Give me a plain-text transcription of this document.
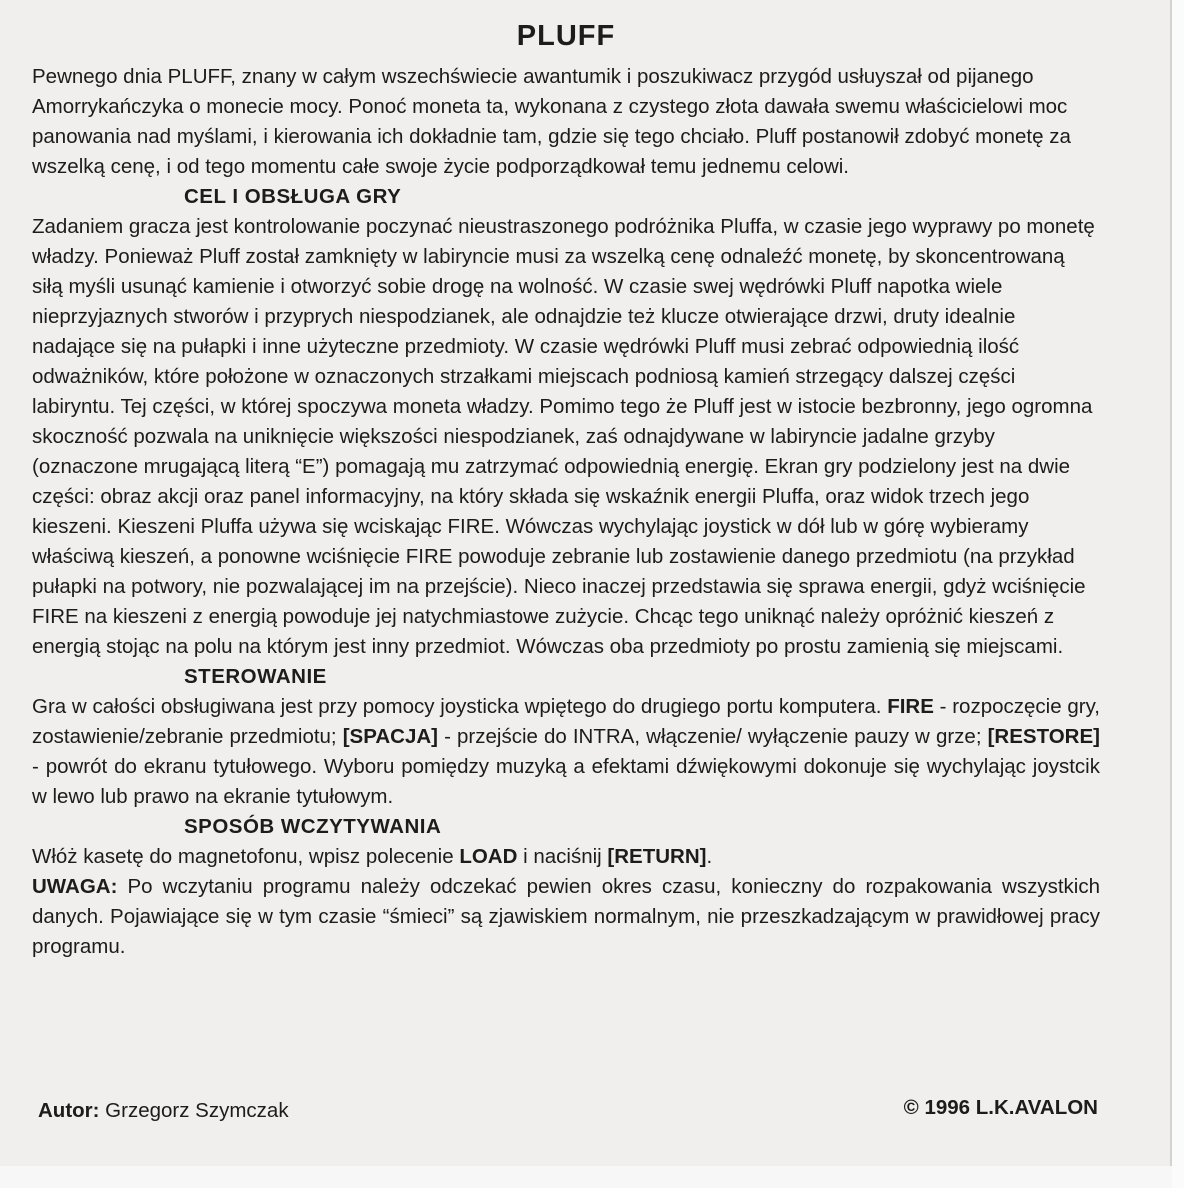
PLUFF

Pewnego dnia PLUFF, znany w całym wszechświecie awantumik i poszukiwacz przygód usłuyszał od pijanego Amorrykańczyka o monecie mocy. Ponoć moneta ta, wykonana z czystego złota dawała swemu właścicielowi moc panowania nad myślami, i kierowania ich dokładnie tam, gdzie się tego chciało. Pluff postanowił zdobyć monetę za wszelką cenę, i od tego momentu całe swoje życie podporządkował temu jednemu celowi.

CEL I OBSŁUGA GRY

Zadaniem gracza jest kontrolowanie poczynać nieustraszonego podróżnika Pluffa, w czasie jego wyprawy po monetę władzy. Ponieważ Pluff został zamknięty w labiryncie musi za wszelką cenę odnaleźć monetę, by skoncentrowaną siłą myśli usunąć kamienie i otworzyć sobie drogę na wolność. W czasie swej wędrówki Pluff napotka wiele nieprzyjaznych stworów i przyprych niespodzianek, ale odnajdzie też klucze otwierające drzwi, druty idealnie nadające się na pułapki i inne użyteczne przedmioty. W czasie wędrówki Pluff musi zebrać odpowiednią ilość odważników, które położone w oznaczonych strzałkami miejscach podniosą kamień strzegący dalszej części labiryntu. Tej części, w której spoczywa moneta władzy. Pomimo tego że Pluff jest w istocie bezbronny, jego ogromna skoczność pozwala na uniknięcie większości niespodzianek, zaś odnajdywane w labiryncie jadalne grzyby (oznaczone mrugającą literą “E”) pomagają mu zatrzymać odpowiednią energię. Ekran gry podzielony jest na dwie części: obraz akcji oraz panel informacyjny, na który składa się wskaźnik energii Pluffa, oraz widok trzech jego kieszeni. Kieszeni Pluffa używa się wciskając FIRE. Wówczas wychylając joystick w dół lub w górę wybieramy właściwą kieszeń, a ponowne wciśnięcie FIRE powoduje zebranie lub zostawienie danego przedmiotu (na przykład pułapki na potwory, nie pozwalającej im na przejście). Nieco inaczej przedstawia się sprawa energii, gdyż wciśnięcie FIRE na kieszeni z energią powoduje jej natychmiastowe zużycie. Chcąc tego uniknąć należy opróżnić kieszeń z energią stojąc na polu na którym jest inny przedmiot. Wówczas oba przedmioty po prostu zamienią się miejscami.

STEROWANIE

Gra w całości obsługiwana jest przy pomocy joysticka wpiętego do drugiego portu komputera. FIRE - rozpoczęcie gry, zostawienie/zebranie przedmiotu; [SPACJA] - przejście do INTRA, włączenie/ wyłączenie pauzy w grze; [RESTORE] - powrót do ekranu tytułowego. Wyboru pomiędzy muzyką a efektami dźwiękowymi dokonuje się wychylając joystcik w lewo lub prawo na ekranie tytułowym.

SPOSÓB WCZYTYWANIA

Włóż kasetę do magnetofonu, wpisz polecenie LOAD i naciśnij [RETURN].

UWAGA: Po wczytaniu programu należy odczekać pewien okres czasu, konieczny do rozpakowania wszystkich danych. Pojawiające się w tym czasie “śmieci” są zjawiskiem normalnym, nie przeszkadzającym w prawidłowej pracy programu.

Autor: Grzegorz Szymczak	© 1996 L.K.AVALON
